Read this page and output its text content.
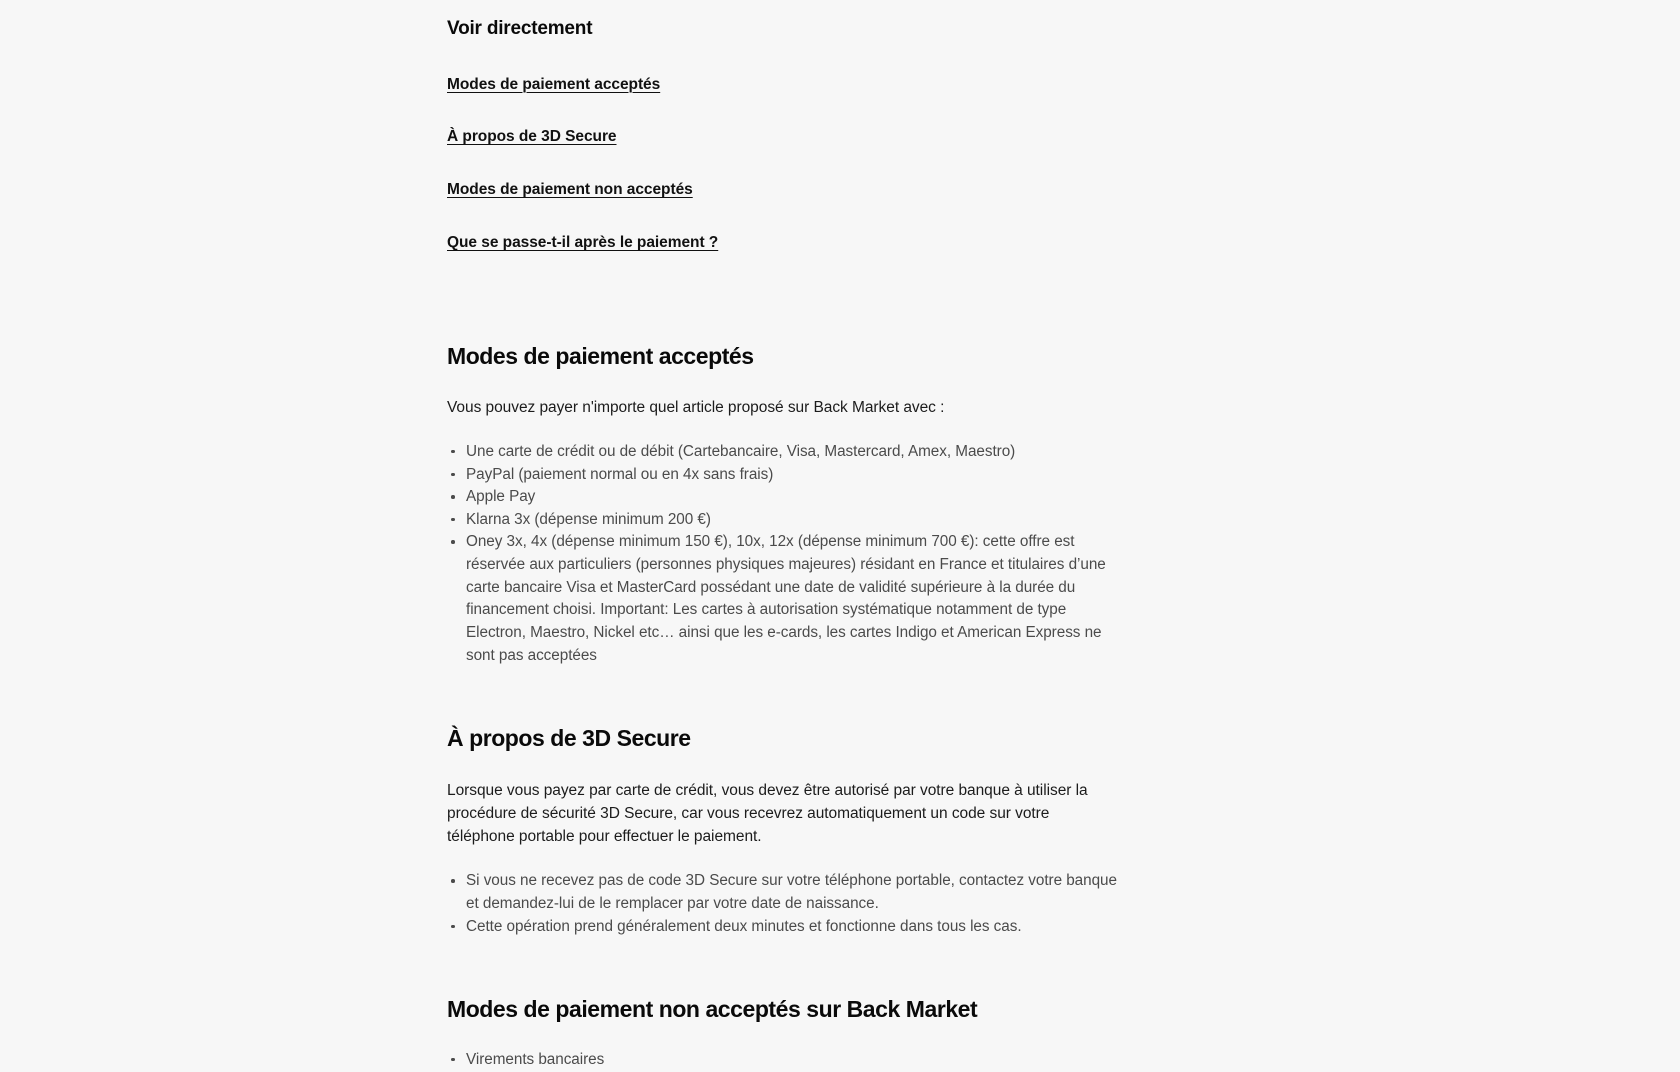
Voir directement
Modes de paiement acceptés
À propos de 3D Secure
Modes de paiement non acceptés
Que se passe-t-il après le paiement ?
Modes de paiement acceptés

Vous pouvez payer n'importe quel article proposé sur Back Market avec :

Une carte de crédit ou de débit (Cartebancaire, Visa, Mastercard, Amex, Maestro)
PayPal (paiement normal ou en 4x sans frais)
Apple Pay
Klarna 3x (dépense minimum 200 €)
Oney 3x, 4x (dépense minimum 150 €), 10x, 12x (dépense minimum 700 €): cette offre est réservée aux particuliers (personnes physiques majeures) résidant en France et titulaires d’une carte bancaire Visa et MasterCard possédant une date de validité supérieure à la durée du financement choisi. Important: Les cartes à autorisation systématique notamment de type Electron, Maestro, Nickel etc… ainsi que les e-cards, les cartes Indigo et American Express ne sont pas acceptées
À propos de 3D Secure

Lorsque vous payez par carte de crédit, vous devez être autorisé par votre banque à utiliser la procédure de sécurité 3D Secure, car vous recevrez automatiquement un code sur votre téléphone portable pour effectuer le paiement.

Si vous ne recevez pas de code 3D Secure sur votre téléphone portable, contactez votre banque et demandez-lui de le remplacer par votre date de naissance.
Cette opération prend généralement deux minutes et fonctionne dans tous les cas.
Modes de paiement non acceptés sur Back Market
Virements bancaires
